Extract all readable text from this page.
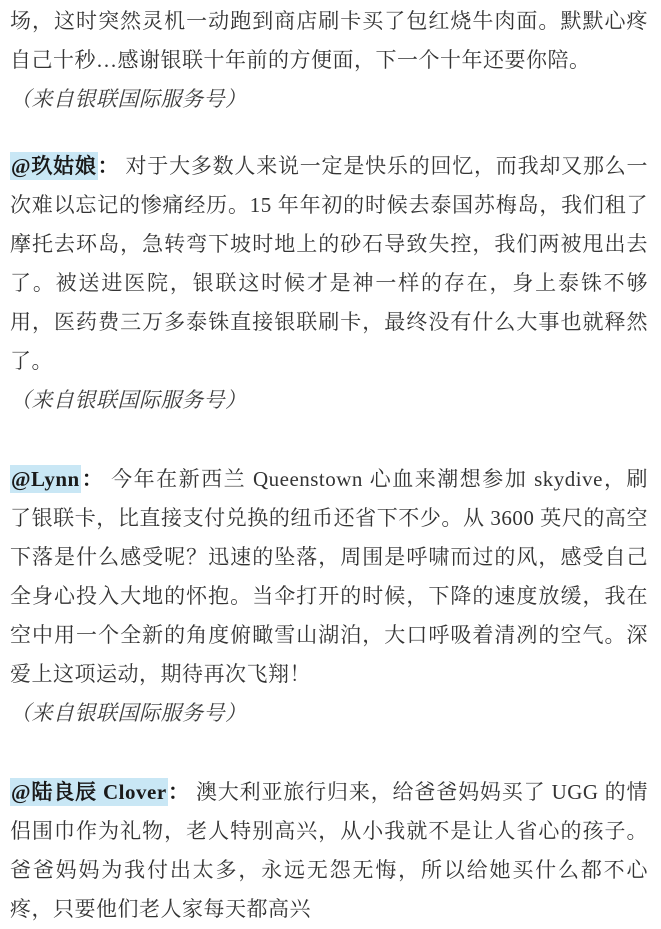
场，这时突然灵机一动跑到商店刷卡买了包红烧牛肉面。默默心疼自己十秒…感谢银联十年前的方便面，下一个十年还要你陪。

（来自银联国际服务号）

@玖姑娘： 对于大多数人来说一定是快乐的回忆，而我却又那么一次难以忘记的惨痛经历。15 年年初的时候去泰国苏梅岛，我们租了摩托去环岛，急转弯下坡时地上的砂石导致失控，我们两被甩出去了。被送进医院，银联这时候才是神一样的存在，身上泰铢不够用，医药费三万多泰铢直接银联刷卡，最终没有什么大事也就释然了。

（来自银联国际服务号）

@Lynn： 今年在新西兰 Queenstown 心血来潮想参加 skydive，刷了银联卡，比直接支付兑换的纽币还省下不少。从 3600 英尺的高空下落是什么感受呢？迅速的坠落，周围是呼啸而过的风，感受自己全身心投入大地的怀抱。当伞打开的时候，下降的速度放缓，我在空中用一个全新的角度俯瞰雪山湖泊，大口呼吸着清冽的空气。深爱上这项运动，期待再次飞翔！

（来自银联国际服务号）

@陆良辰 Clover： 澳大利亚旅行归来，给爸爸妈妈买了 UGG 的情侣围巾作为礼物，老人特别高兴，从小我就不是让人省心的孩子。爸爸妈妈为我付出太多，永远无怨无悔，所以给她买什么都不心疼，只要他们老人家每天都高兴
